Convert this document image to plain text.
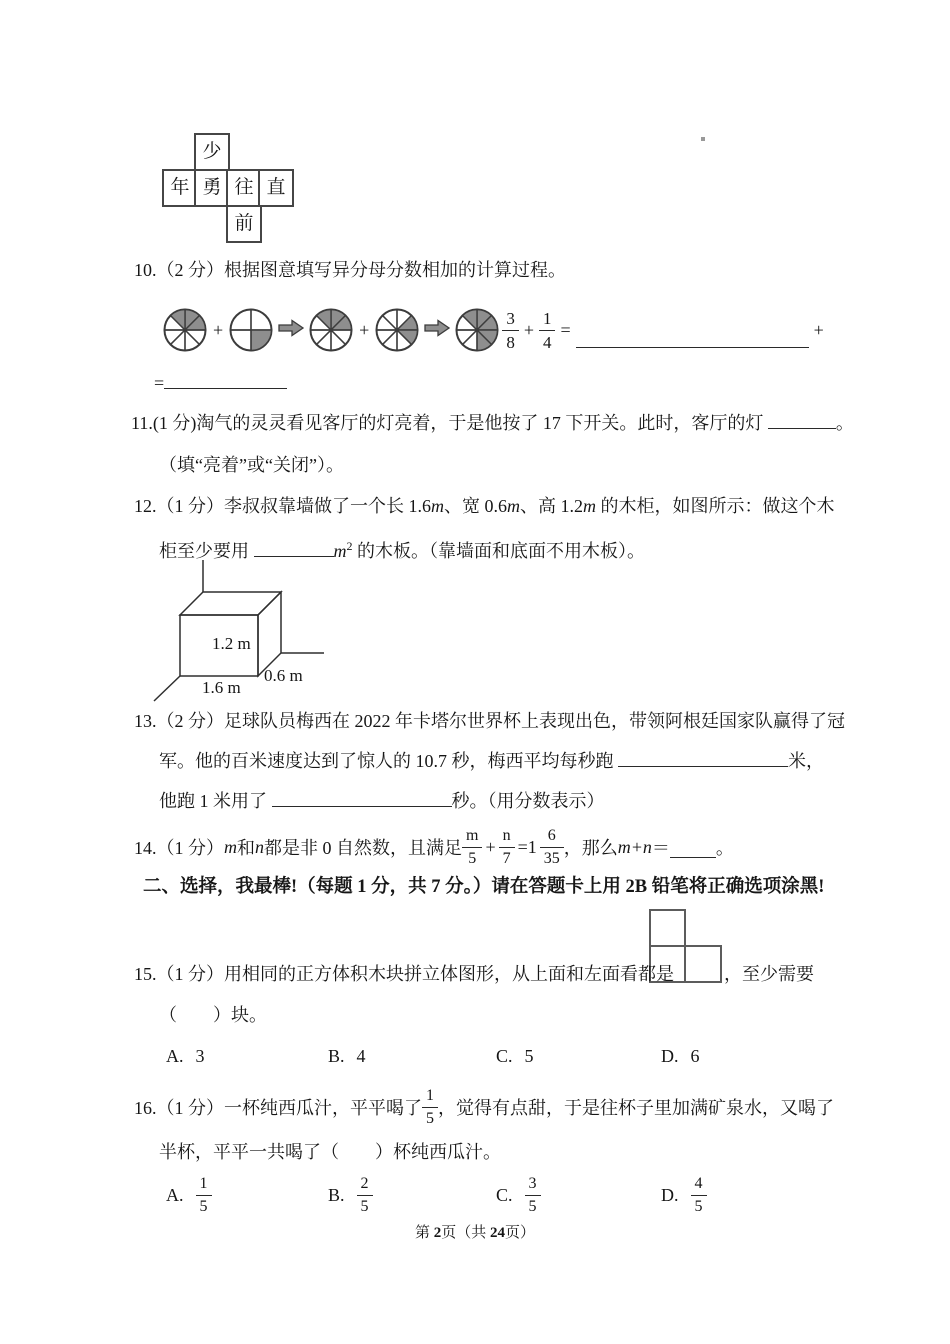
少
年 勇 往 直
前
10.（2 分）根据图意填写异分母分数相加的计算过程。
+	+	$\frac{3}{8} + \frac{1}{4}$ =	+
=
11.(1 分)淘气的灵灵看见客厅的灯亮着，于是他按了 17 下开关。此时，客厅的灯	。
（填“亮着”或“关闭”）。
12.（1 分）李叔叔靠墙做了一个长 1.6m、宽 0.6m、高 1.2m 的木柜，如图所示：做这个木
柜至少要用	$m^2$ 的木板。（靠墙面和底面不用木板）。
1.2 m
1.6 m
0.6 m
13.（2 分）足球队员梅西在 2022 年卡塔尔世界杯上表现出色，带领阿根廷国家队赢得了冠
军。他的百米速度达到了惊人的 10.7 秒，梅西平均每秒跑	米，
他跑 1 米用了	秒。（用分数表示）
14.（1 分） m 和 n 都是非 0 自然数，且满足 $\frac{m}{5} + \frac{n}{7} =1 \frac{6}{35}$ ，那么 m+n ＝	。
二、选择，我最棒!（每题 1 分，共 7 分。）请在答题卡上用 2B 铅笔将正确选项涂黑!
15.（1 分）用相同的正方体积木块拼立体图形，从上面和左面看都是	，至少需要
（　　）块。
A. 3	B. 4	C. 5	D. 6
16.（1 分）一杯纯西瓜汁，平平喝了 $\frac{1}{5}$ ，觉得有点甜，于是往杯子里加满矿泉水，又喝了
半杯，平平一共喝了（　　）杯纯西瓜汁。
A. $\frac{1}{5}$	B. $\frac{2}{5}$	C. $\frac{3}{5}$	D. $\frac{4}{5}$
第 2页（共 24页）
